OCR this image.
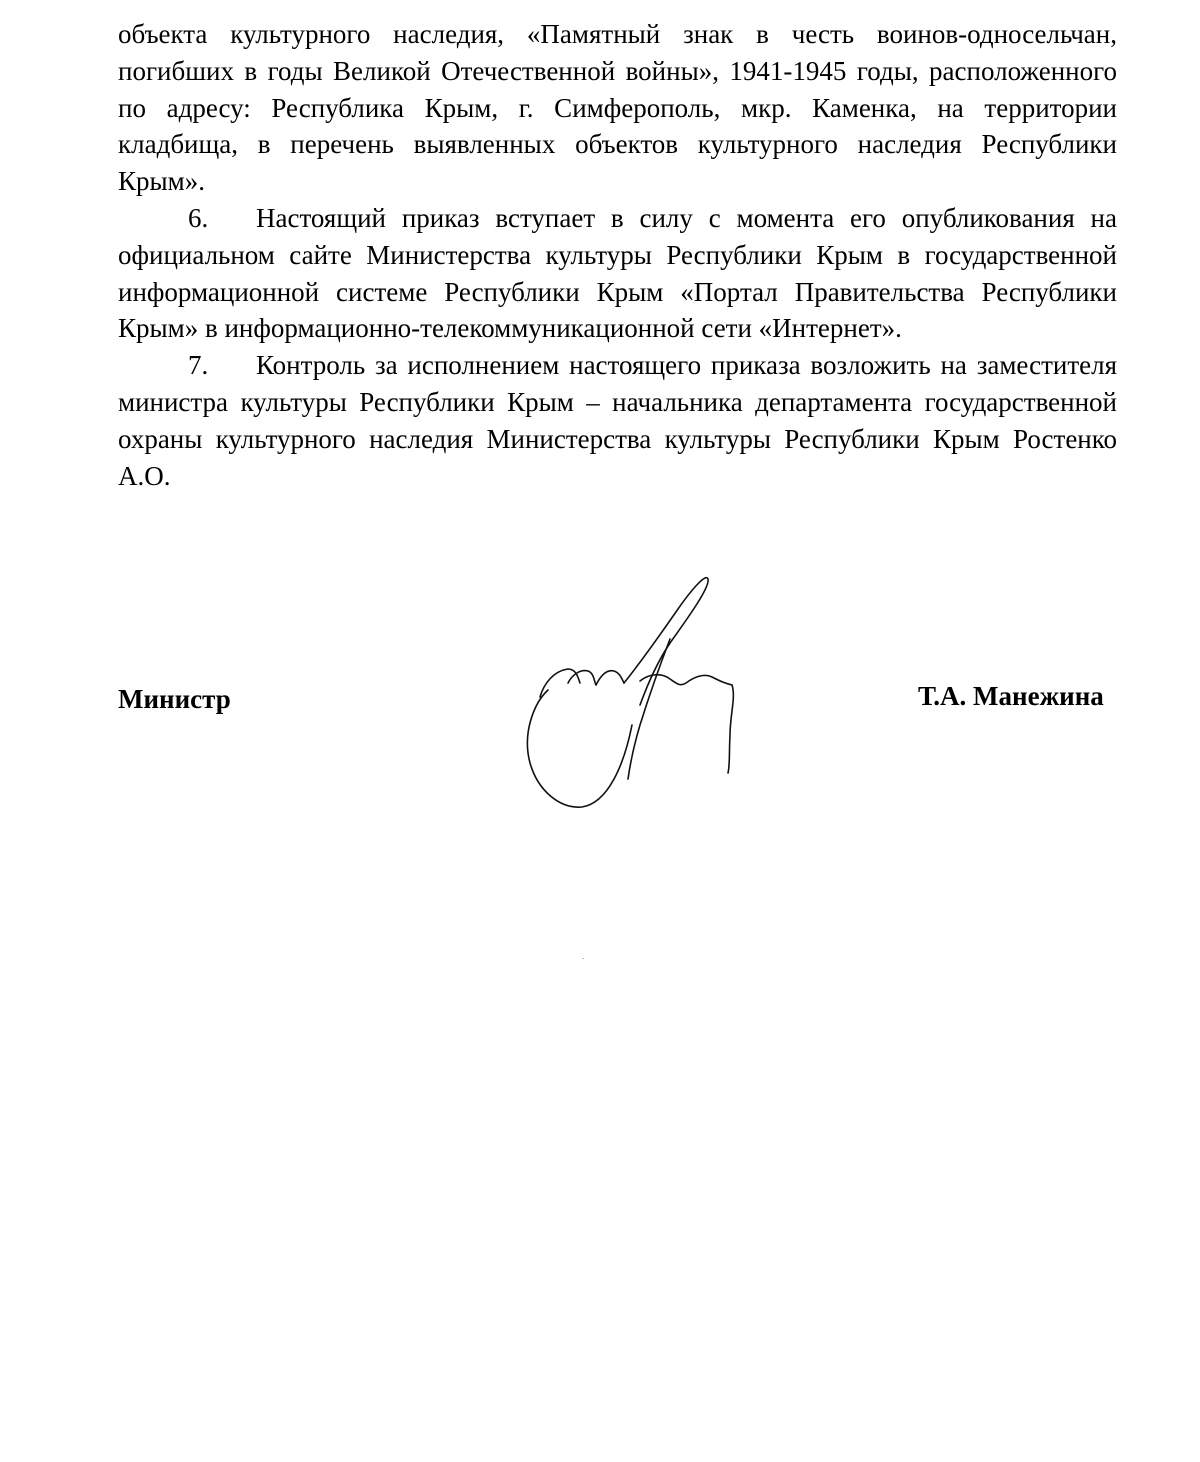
объекта культурного наследия, «Памятный знак в честь воинов-односельчан, погибших в годы Великой Отечественной войны», 1941-1945 годы, расположенного по адресу: Республика Крым, г. Симферополь, мкр. Каменка, на территории кладбища, в перечень выявленных объектов культурного наследия Республики Крым».

6. Настоящий приказ вступает в силу с момента его опубликования на официальном сайте Министерства культуры Республики Крым в государственной информационной системе Республики Крым «Портал Правительства Республики Крым» в информационно-телекоммуникационной сети «Интернет».

7. Контроль за исполнением настоящего приказа возложить на заместителя министра культуры Республики Крым – начальника департамента государственной охраны культурного наследия Министерства культуры Республики Крым Ростенко А.О.

Министр	Т.А. Манежина
